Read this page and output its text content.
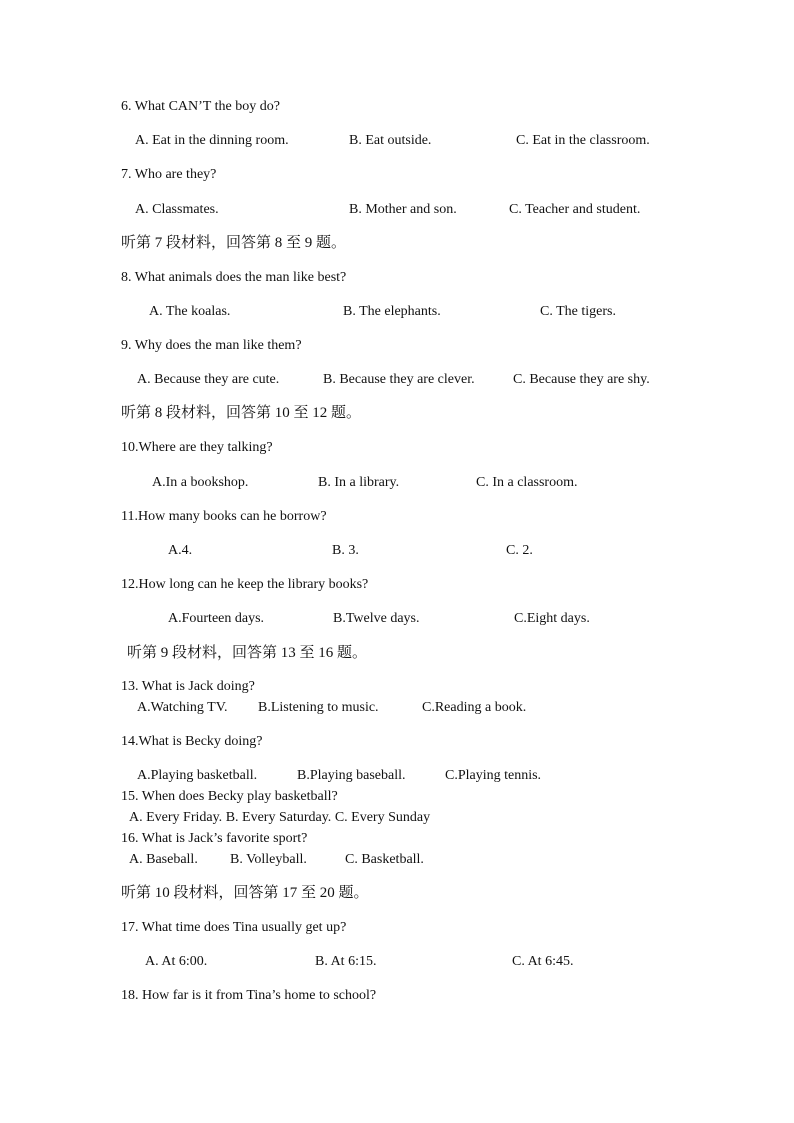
6. What CAN’T the boy do?
A. Eat in the dinning room.	B. Eat outside.	C. Eat in the classroom.
7. Who are they?
A. Classmates.	B. Mother and son.	C. Teacher and student.
听第 7 段材料，回答第 8 至 9 题。
8. What animals does the man like best?
A. The koalas.	B. The elephants.	C. The tigers.
9. Why does the man like them?
A. Because they are cute.	B. Because they are clever.	C. Because they are shy.
听第 8 段材料，回答第 10 至 12 题。
10.Where are they talking?
A.In a bookshop.	B. In a library.	C. In a classroom.
11.How many books can he borrow?
A.4.	B. 3.	C. 2.
12.How long can he keep the library books?
A.Fourteen days.	B.Twelve days.	C.Eight days.
听第 9 段材料，回答第 13 至 16 题。
13. What is Jack doing?
A.Watching TV. B.Listening to music.	C.Reading a book.
14.What is Becky doing?
A.Playing basketball.	B.Playing baseball.	C.Playing tennis.
15. When does Becky play basketball?
A. Every Friday. B. Every Saturday. C. Every Sunday
16. What is Jack’s favorite sport?
A. Baseball. B. Volleyball.	C. Basketball.
听第 10 段材料，回答第 17 至 20 题。
17. What time does Tina usually get up?
A. At 6:00.	B. At 6:15.	C. At 6:45.
18. How far is it from Tina’s home to school?
